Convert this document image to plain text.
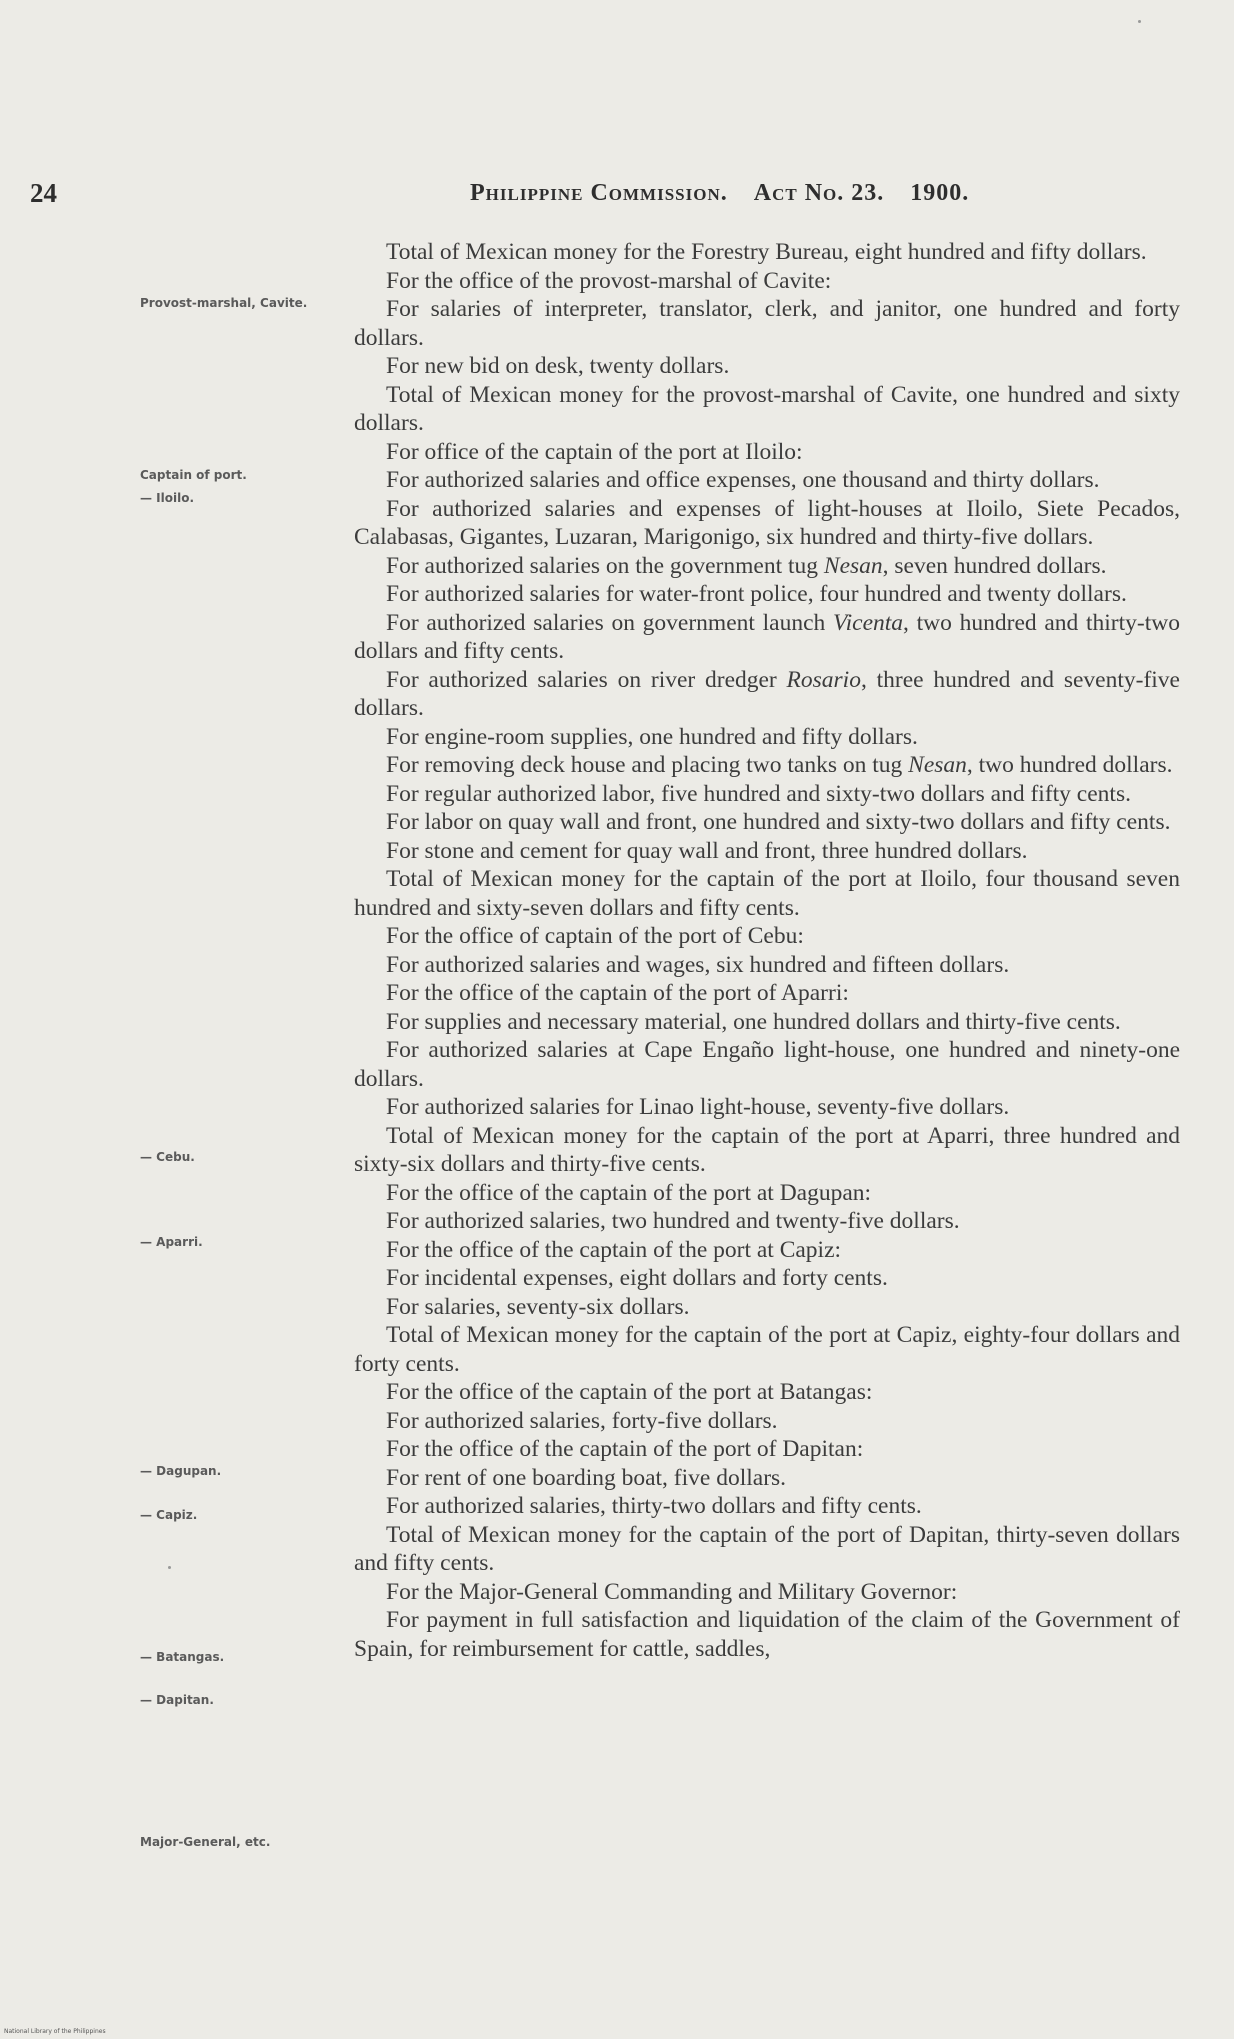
24	Philippine Commission. Act No. 23. 1900.
Provost-marshal, Cavite.
Captain of port.
— Iloilo.
— Cebu.
— Aparri.
— Dagupan.
— Capiz.
— Batangas.
— Dapitan.
Major-General, etc.

Total of Mexican money for the Forestry Bureau, eight hundred and fifty dollars.

For the office of the provost-marshal of Cavite:

For salaries of interpreter, translator, clerk, and janitor, one hundred and forty dollars.

For new bid on desk, twenty dollars.

Total of Mexican money for the provost-marshal of Cavite, one hundred and sixty dollars.

For office of the captain of the port at Iloilo:

For authorized salaries and office expenses, one thousand and thirty dollars.

For authorized salaries and expenses of light-houses at Iloilo, Siete Pecados, Calabasas, Gigantes, Luzaran, Marigonigo, six hundred and thirty-five dollars.

For authorized salaries on the government tug Nesan, seven hundred dollars.

For authorized salaries for water-front police, four hundred and twenty dollars.

For authorized salaries on government launch Vicenta, two hundred and thirty-two dollars and fifty cents.

For authorized salaries on river dredger Rosario, three hundred and seventy-five dollars.

For engine-room supplies, one hundred and fifty dollars.

For removing deck house and placing two tanks on tug Nesan, two hundred dollars.

For regular authorized labor, five hundred and sixty-two dollars and fifty cents.

For labor on quay wall and front, one hundred and sixty-two dollars and fifty cents.

For stone and cement for quay wall and front, three hundred dollars.

Total of Mexican money for the captain of the port at Iloilo, four thousand seven hundred and sixty-seven dollars and fifty cents.

For the office of captain of the port of Cebu:

For authorized salaries and wages, six hundred and fifteen dollars.

For the office of the captain of the port of Aparri:

For supplies and necessary material, one hundred dollars and thirty-five cents.

For authorized salaries at Cape Engaño light-house, one hundred and ninety-one dollars.

For authorized salaries for Linao light-house, seventy-five dollars.

Total of Mexican money for the captain of the port at Aparri, three hundred and sixty-six dollars and thirty-five cents.

For the office of the captain of the port at Dagupan:

For authorized salaries, two hundred and twenty-five dollars.

For the office of the captain of the port at Capiz:

For incidental expenses, eight dollars and forty cents.

For salaries, seventy-six dollars.

Total of Mexican money for the captain of the port at Capiz, eighty-four dollars and forty cents.

For the office of the captain of the port at Batangas:

For authorized salaries, forty-five dollars.

For the office of the captain of the port of Dapitan:

For rent of one boarding boat, five dollars.

For authorized salaries, thirty-two dollars and fifty cents.

Total of Mexican money for the captain of the port of Dapitan, thirty-seven dollars and fifty cents.

For the Major-General Commanding and Military Governor:

For payment in full satisfaction and liquidation of the claim of the Government of Spain, for reimbursement for cattle, saddles,

National Library of the Philippines
